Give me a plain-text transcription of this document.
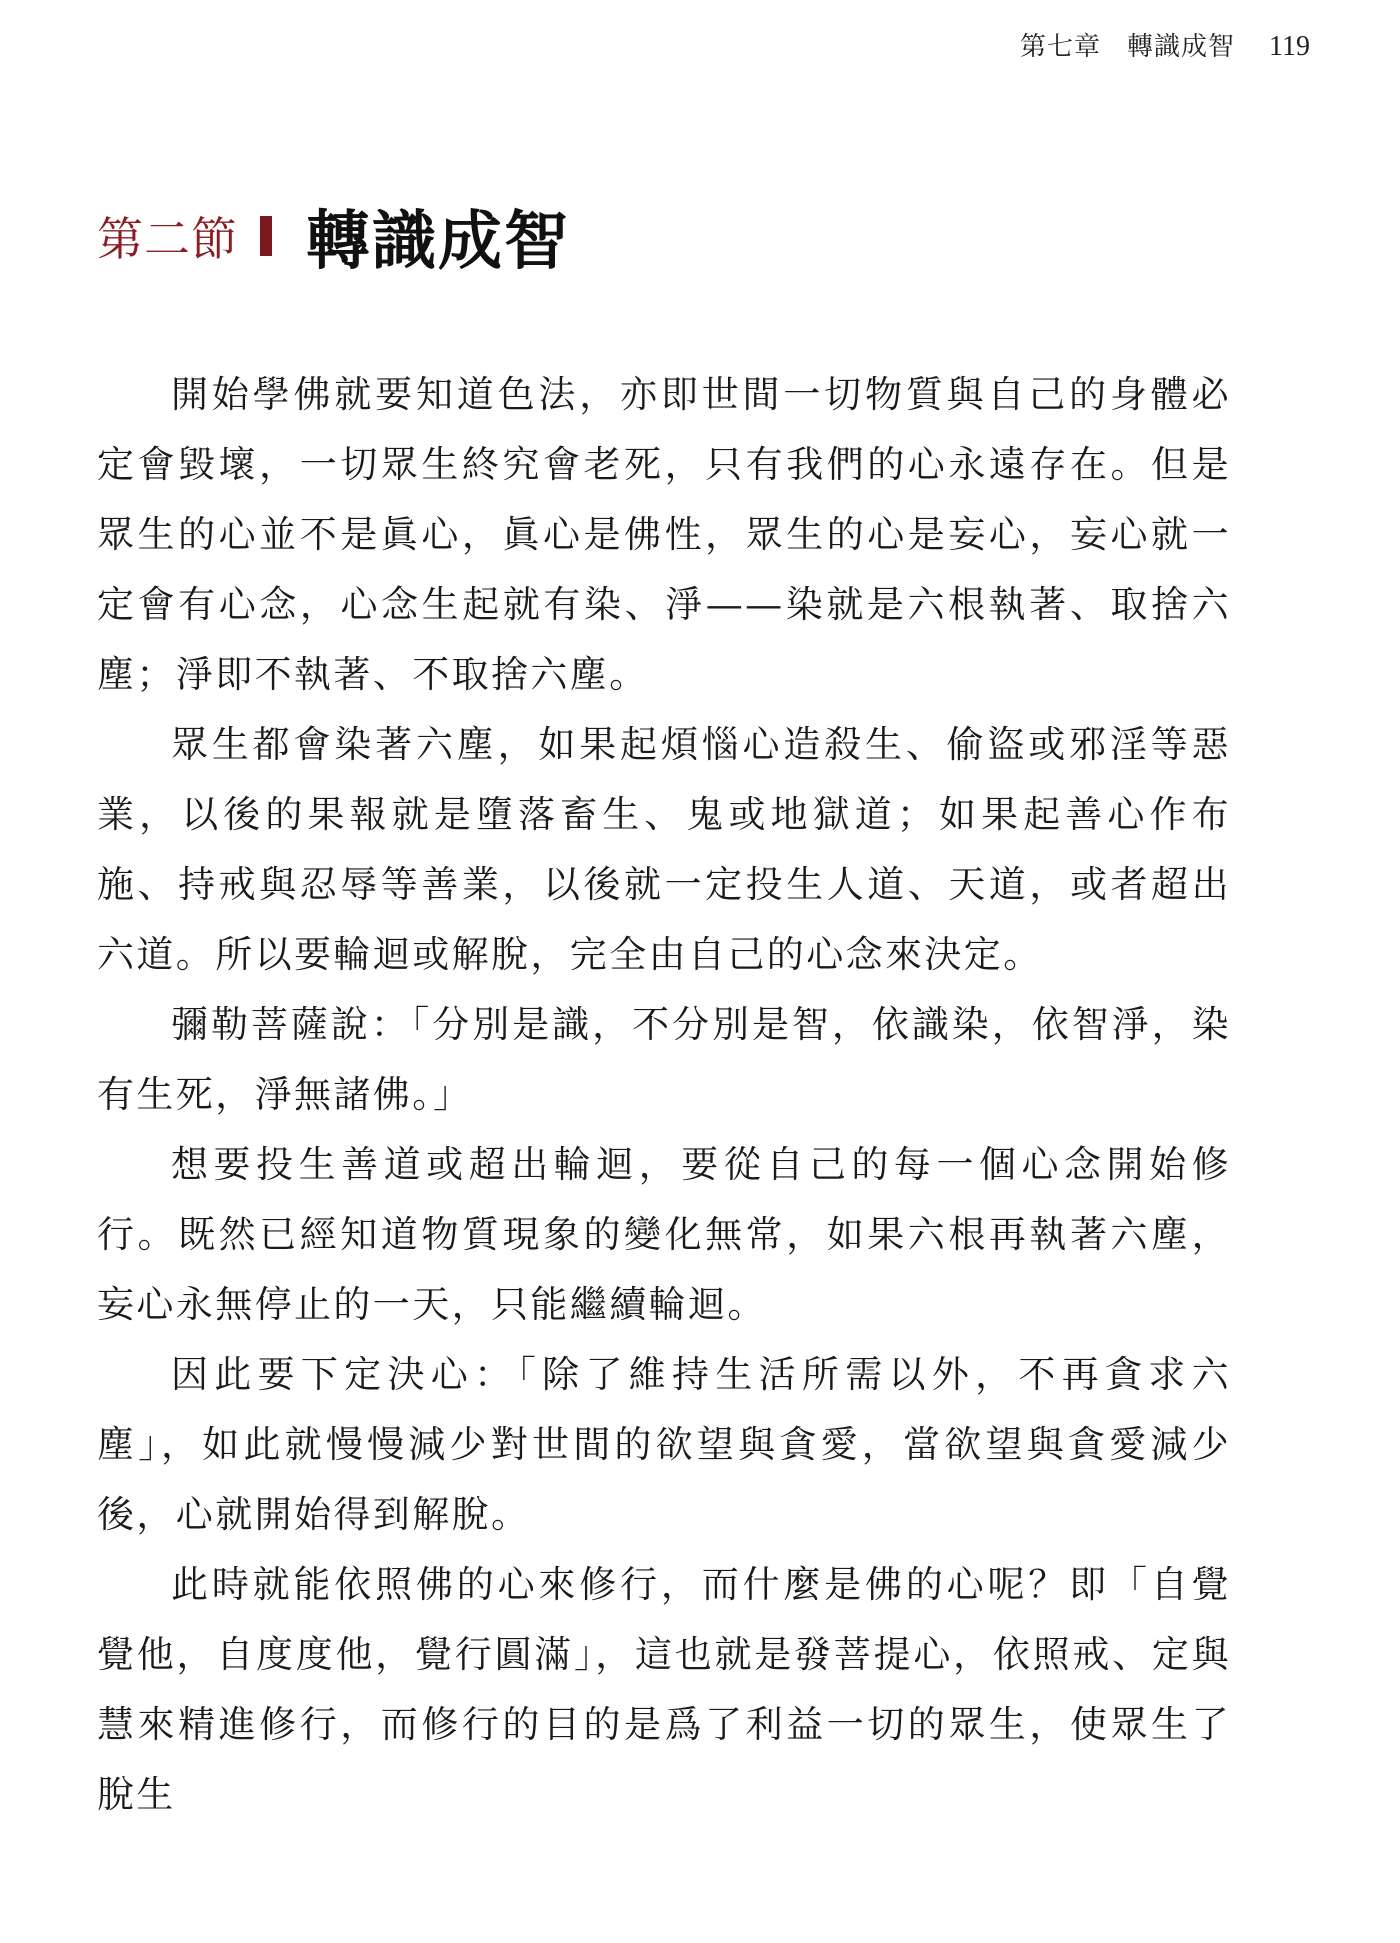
第七章 轉識成智 119
第二節 轉識成智

開始學佛就要知道色法，亦即世間一切物質與自己的身體必定會毀壞，一切眾生終究會老死，只有我們的心永遠存在。但是眾生的心並不是眞心，眞心是佛性，眾生的心是妄心，妄心就一定會有心念，心念生起就有染、淨——染就是六根執著、取捨六塵；淨即不執著、不取捨六塵。

眾生都會染著六塵，如果起煩惱心造殺生、偷盜或邪淫等惡業，以後的果報就是墮落畜生、鬼或地獄道；如果起善心作布施、持戒與忍辱等善業，以後就一定投生人道、天道，或者超出六道。所以要輪迴或解脫，完全由自己的心念來決定。

彌勒菩薩說：「分別是識，不分別是智，依識染，依智淨，染有生死，淨無諸佛。」

想要投生善道或超出輪迴，要從自己的每一個心念開始修行。既然已經知道物質現象的變化無常，如果六根再執著六塵，妄心永無停止的一天，只能繼續輪迴。

因此要下定決心：「除了維持生活所需以外，不再貪求六塵」，如此就慢慢減少對世間的欲望與貪愛，當欲望與貪愛減少後，心就開始得到解脫。

此時就能依照佛的心來修行，而什麼是佛的心呢？即「自覺覺他，自度度他，覺行圓滿」，這也就是發菩提心，依照戒、定與慧來精進修行，而修行的目的是爲了利益一切的眾生，使眾生了脫生
